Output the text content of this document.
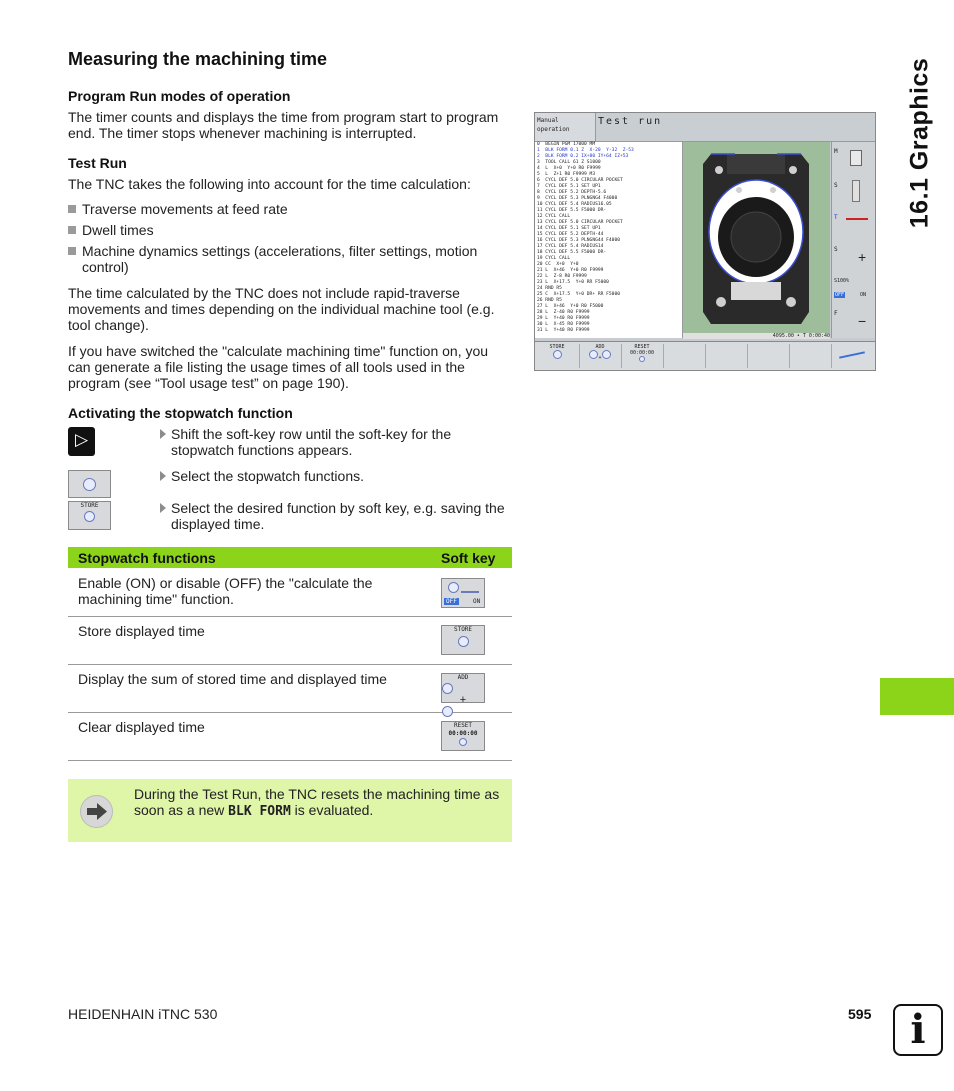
Measuring the machining time	16.1 Graphics
Program Run modes of operation

The timer counts and displays the time from program start to program end. The timer stops whenever machining is interrupted.

Test Run

The TNC takes the following into account for the time calculation:

Traverse movements at feed rate
Dwell times
Machine dynamics settings (accelerations, filter settings, motion control)

The time calculated by the TNC does not include rapid-traverse movements and times depending on the individual machine tool (e.g. tool change).

If you have switched the "calculate machining time" function on, you can generate a file listing the usage times of all tools used in the program (see “Tool usage test” on page 190).

Manual operation
Test run
0  BEGIN PGM 17000 MM
1  BLK FORM 0.1 Z  X-20  Y-32  Z-53
2  BLK FORM 0.2 IX+80 IY+64 IZ+53
3  TOOL CALL 61 Z S1000
4  L  X+0  Y+0 R0 F9999
5  L  Z+1 R0 F9999 M3
6  CYCL DEF 5.0 CIRCULAR POCKET
7  CYCL DEF 5.1 SET UP1
8  CYCL DEF 5.2 DEPTH-5.6
9  CYCL DEF 5.3 PLNGNG4 F4000
10 CYCL DEF 5.4 RADIUS16.05
11 CYCL DEF 5.5 F5000 DR-
12 CYCL CALL
13 CYCL DEF 5.0 CIRCULAR POCKET
14 CYCL DEF 5.1 SET UP1
15 CYCL DEF 5.2 DEPTH-44
16 CYCL DEF 5.3 PLNGNG44 F4000
17 CYCL DEF 5.4 RADIUS14
18 CYCL DEF 5.5 F5000 DR-
19 CYCL CALL
20 CC  X+0  Y+0
21 L  X+46  Y+0 R0 F9999
22 L  Z-8 R0 F9999
23 L  X+17.5  Y+0 RR F5000
24 RND R5
25 C  X+17.5  Y+0 DR+ RR F5000
26 RND R5
27 L  X+46  Y+0 R0 F5000
28 L  Z-40 R0 F9999
29 L  Y+40 R0 F9999
30 L  X-45 R0 F9999
31 L  Y+40 R0 F9999
4095.00 • T 0:00:40
M
S
T
S +
S100%
OFF	ON
F −
STORE	ADD
+
RESET
00:00:00
Activating the stopwatch function
▷
STORE
Shift the soft-key row until the soft-key for the stopwatch functions appears.
Select the stopwatch functions.
Select the desired function by soft key, e.g. saving the displayed time.
Stopwatch functions	Soft key
Enable (ON) or disable (OFF) the "calculate the machining time" function.	OFF	ON
Store displayed time	STORE
Display the sum of stored time and displayed time	ADD
+
Clear displayed time	RESET
00:00:00
During the Test Run, the TNC resets the machining time as soon as a new BLK FORM is evaluated.
HEIDENHAIN iTNC 530	595 i
